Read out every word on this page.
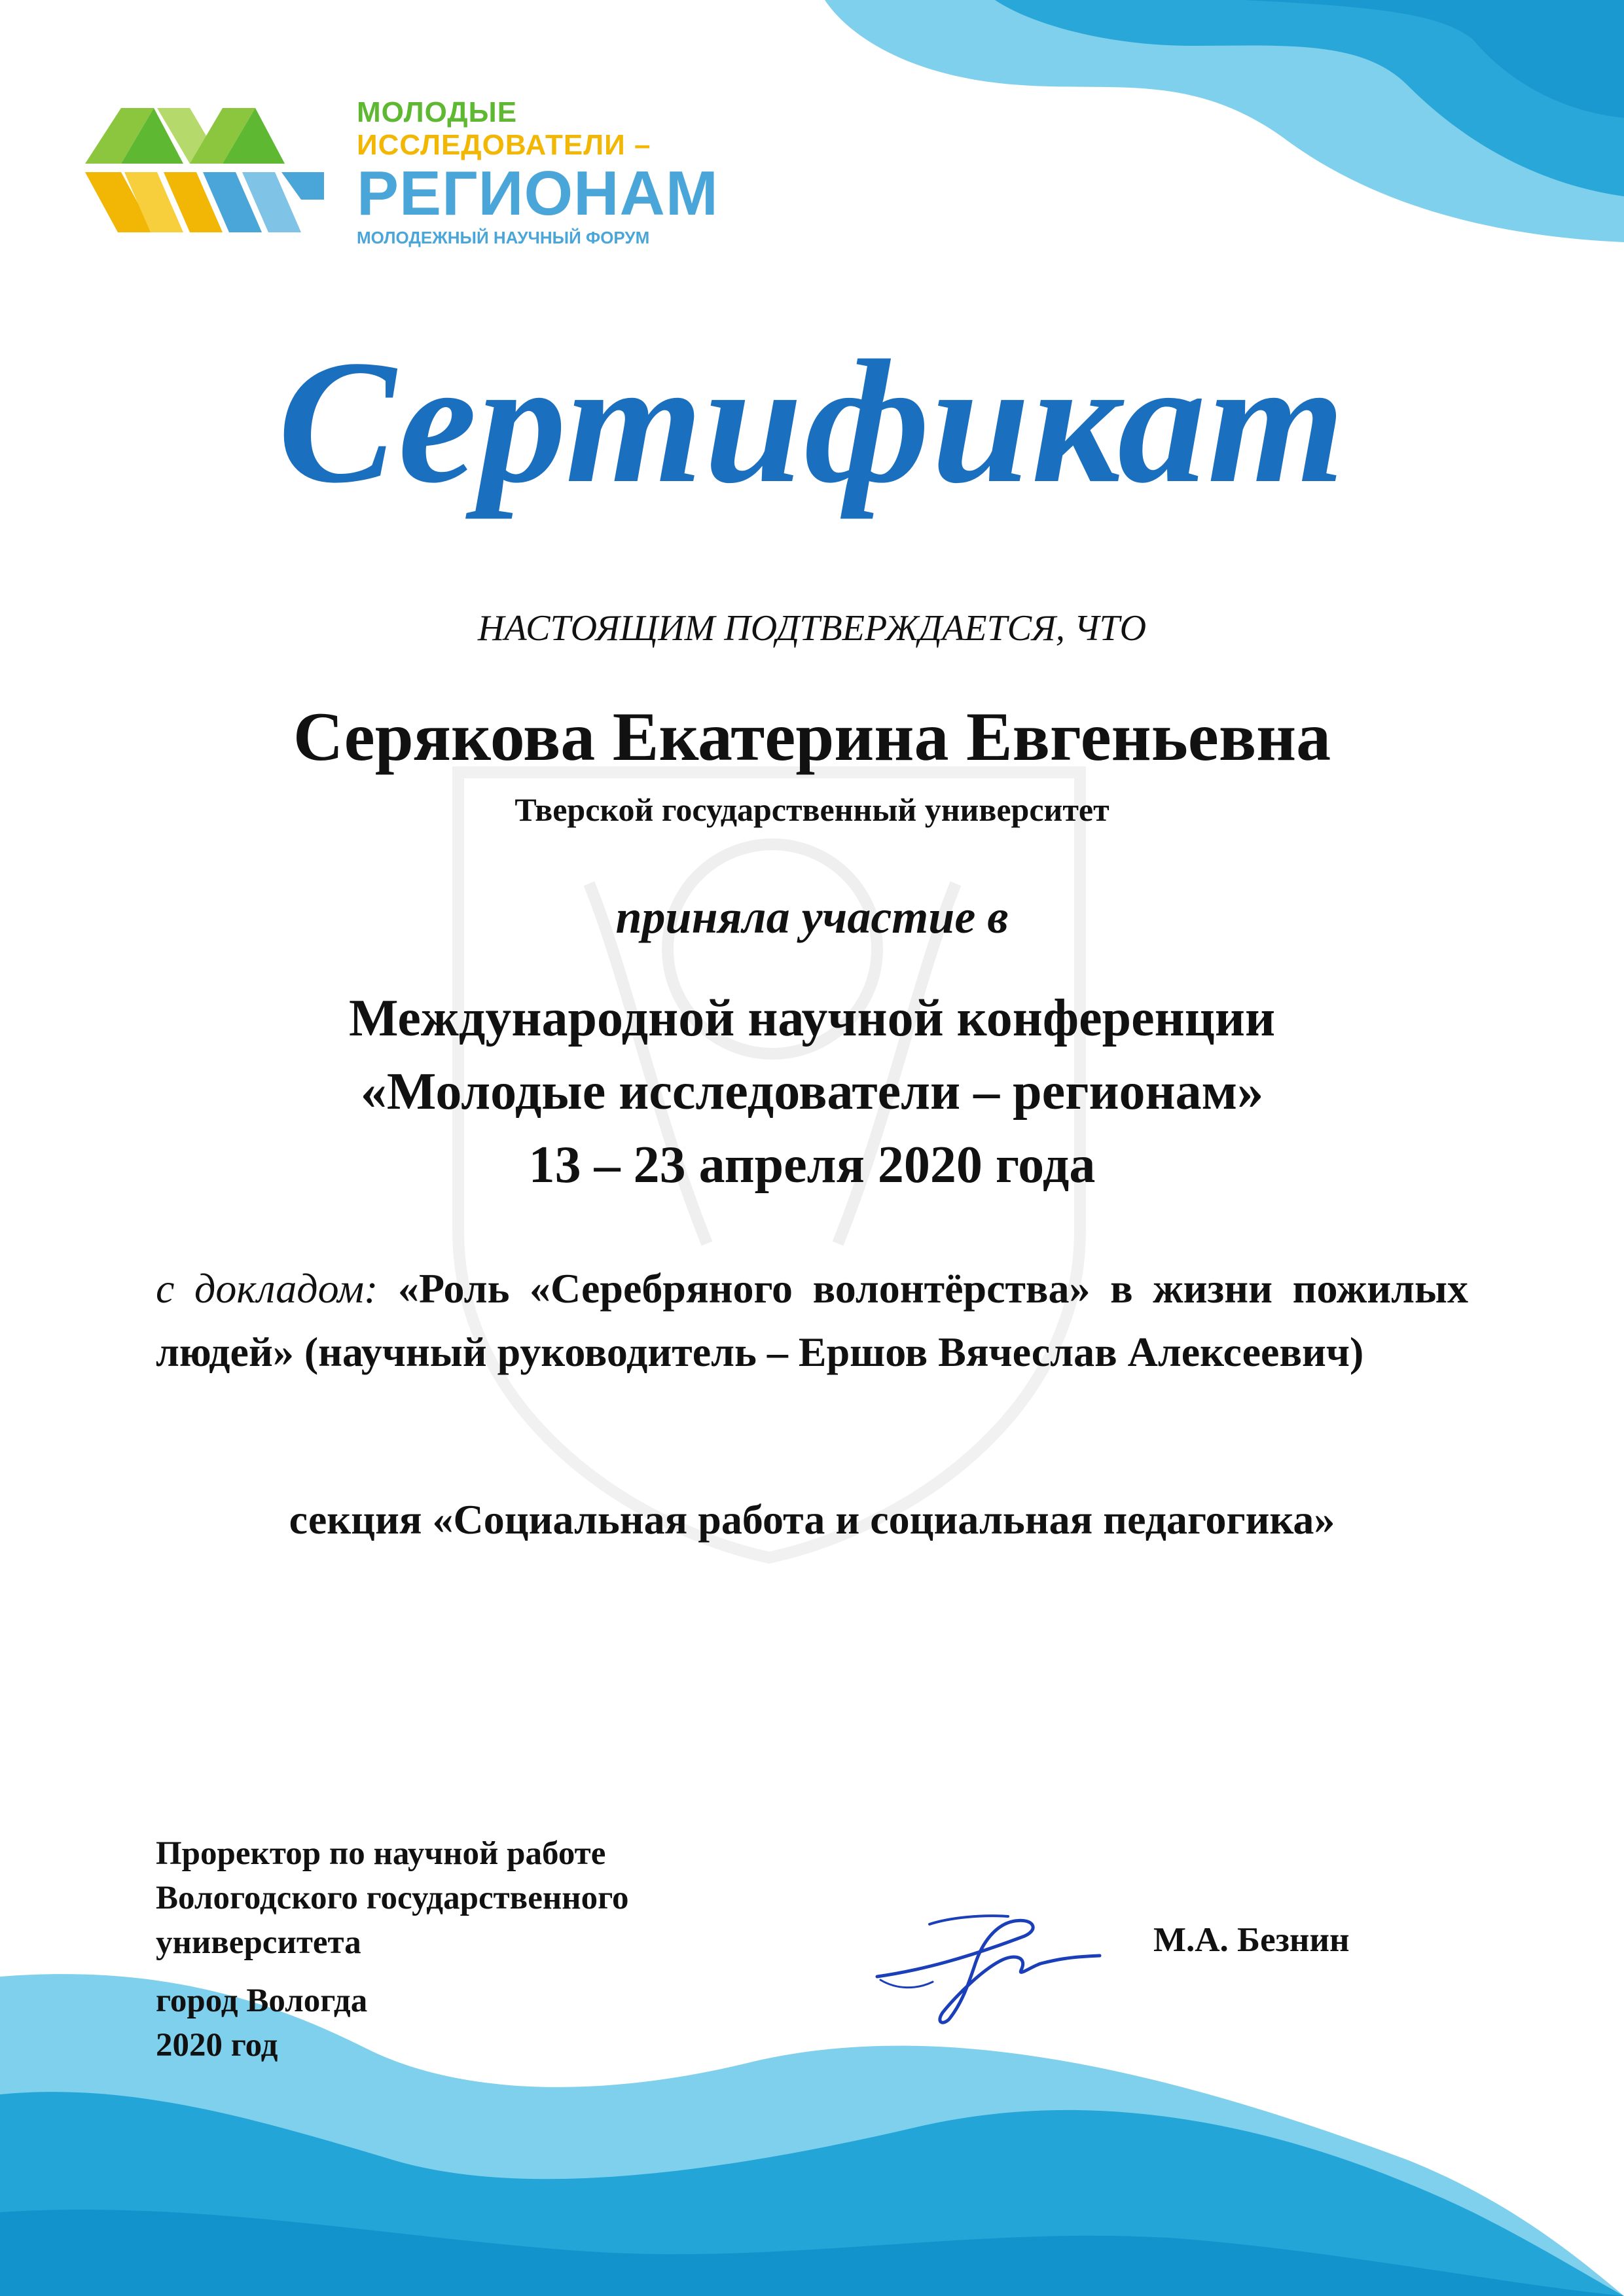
МОЛОДЫЕ
ИССЛЕДОВАТЕЛИ –
РЕГИОНАМ
МОЛОДЕЖНЫЙ НАУЧНЫЙ ФОРУМ
Сертификат
НАСТОЯЩИМ ПОДТВЕРЖДАЕТСЯ, ЧТО
Серякова Екатерина Евгеньевна
Тверской государственный университет
приняла участие в
Международной научной конференции
«Молодые исследователи – регионам»
13 – 23 апреля 2020 года
с докладом: «Роль «Серебряного волонтёрства» в жизни пожилых людей» (научный руководитель – Ершов Вячеслав Алексеевич)
секция «Социальная работа и социальная педагогика»
Проректор по научной работе
Вологодского государственного
университета	М.А. Безнин
город Вологда
2020 год
